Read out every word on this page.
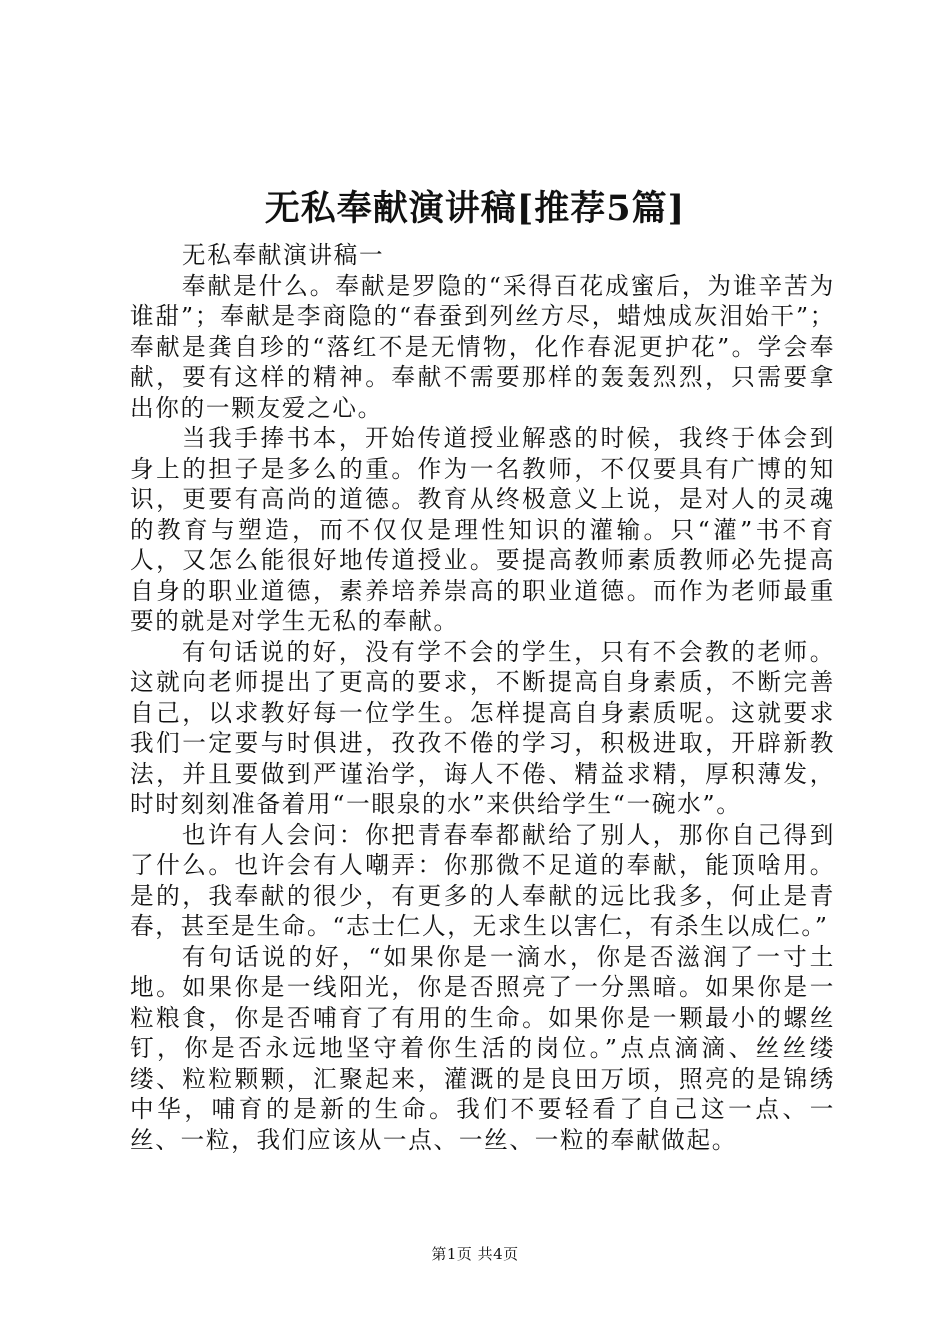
无私奉献演讲稿[推荐5篇]

无私奉献演讲稿一

奉献是什么。奉献是罗隐的“采得百花成蜜后，为谁辛苦为谁甜”；奉献是李商隐的“春蚕到列丝方尽，蜡烛成灰泪始干”；奉献是龚自珍的“落红不是无情物，化作春泥更护花”。学会奉献，要有这样的精神。奉献不需要那样的轰轰烈烈，只需要拿出你的一颗友爱之心。

当我手捧书本，开始传道授业解惑的时候，我终于体会到身上的担子是多么的重。作为一名教师，不仅要具有广博的知识，更要有高尚的道德。教育从终极意义上说，是对人的灵魂的教育与塑造，而不仅仅是理性知识的灌输。只“灌”书不育人，又怎么能很好地传道授业。要提高教师素质教师必先提高自身的职业道德，素养培养崇高的职业道德。而作为老师最重要的就是对学生无私的奉献。

有句话说的好，没有学不会的学生，只有不会教的老师。这就向老师提出了更高的要求，不断提高自身素质，不断完善自己，以求教好每一位学生。怎样提高自身素质呢。这就要求我们一定要与时俱进，孜孜不倦的学习，积极进取，开辟新教法，并且要做到严谨治学，诲人不倦、精益求精，厚积薄发，时时刻刻准备着用“一眼泉的水”来供给学生“一碗水”。

也许有人会问：你把青春奉都献给了别人，那你自己得到了什么。也许会有人嘲弄：你那微不足道的奉献，能顶啥用。是的，我奉献的很少，有更多的人奉献的远比我多，何止是青春，甚至是生命。“志士仁人，无求生以害仁，有杀生以成仁。”

有句话说的好，“如果你是一滴水，你是否滋润了一寸土地。如果你是一线阳光，你是否照亮了一分黑暗。如果你是一粒粮食，你是否哺育了有用的生命。如果你是一颗最小的螺丝钉，你是否永远地坚守着你生活的岗位。”点点滴滴、丝丝缕缕、粒粒颗颗，汇聚起来，灌溉的是良田万顷，照亮的是锦绣中华，哺育的是新的生命。我们不要轻看了自己这一点、一丝、一粒，我们应该从一点、一丝、一粒的奉献做起。

第1页 共4页
